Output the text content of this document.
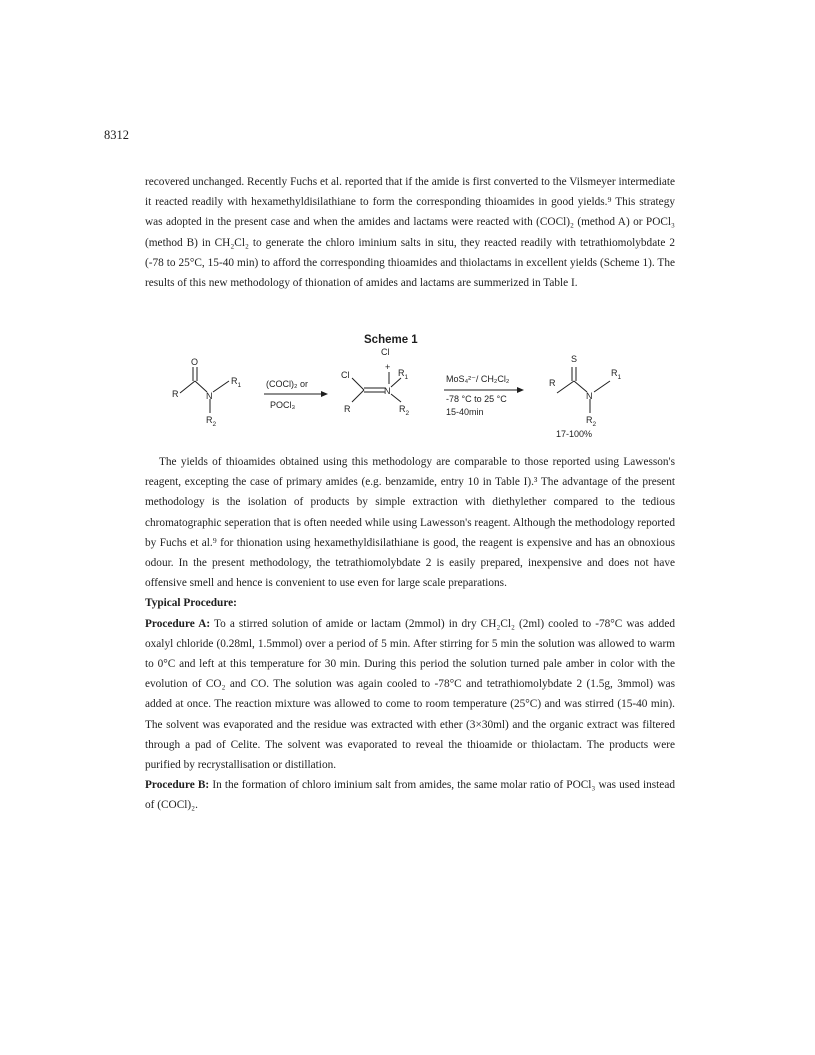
8312

recovered unchanged. Recently Fuchs et al. reported that if the amide is first converted to the Vilsmeyer intermediate it reacted readily with hexamethyldisilathiane to form the corresponding thioamides in good yields.⁹ This strategy was adopted in the present case and when the amides and lactams were reacted with (COCl)₂ (method A) or POCl₃ (method B) in CH₂Cl₂ to generate the chloro iminium salts in situ, they reacted readily with tetrathiomolybdate 2 (-78 to 25°C, 15-40 min) to afford the corresponding thioamides and thiolactams in excellent yields (Scheme 1). The results of this new methodology of thionation of amides and lactams are summerized in Table I.

Scheme 1
O
R	N
$R_1$
$R_2$
(COCl)₂ or
POCl₃
Cl
Cl
+
$R_1$
N
R	$R_2$
MoS₄²⁻/ CH₂Cl₂
-78 °C to 25 °C
15-40min
S
R
N
$R_1$
$R_2$
17-100%

The yields of thioamides obtained using this methodology are comparable to those reported using Lawesson's reagent, excepting the case of primary amides (e.g. benzamide, entry 10 in Table I).³ The advantage of the present methodology is the isolation of products by simple extraction with diethylether compared to the tedious chromatographic seperation that is often needed while using Lawesson's reagent. Although the methodology reported by Fuchs et al.⁹ for thionation using hexamethyldisilathiane is good, the reagent is expensive and has an obnoxious odour. In the present methodology, the tetrathiomolybdate 2 is easily prepared, inexpensive and does not have offensive smell and hence is convenient to use even for large scale preparations.

Typical Procedure:

Procedure A: To a stirred solution of amide or lactam (2mmol) in dry CH₂Cl₂ (2ml) cooled to -78°C was added oxalyl chloride (0.28ml, 1.5mmol) over a period of 5 min. After stirring for 5 min the solution was allowed to warm to 0°C and left at this temperature for 30 min. During this period the solution turned pale amber in color with the evolution of CO₂ and CO. The solution was again cooled to -78°C and tetrathiomolybdate 2 (1.5g, 3mmol) was added at once. The reaction mixture was allowed to come to room temperature (25°C) and was stirred (15-40 min). The solvent was evaporated and the residue was extracted with ether (3×30ml) and the organic extract was filtered through a pad of Celite. The solvent was evaporated to reveal the thioamide or thiolactam. The products were purified by recrystallisation or distillation.

Procedure B: In the formation of chloro iminium salt from amides, the same molar ratio of POCl₃ was used instead of (COCl)₂.
